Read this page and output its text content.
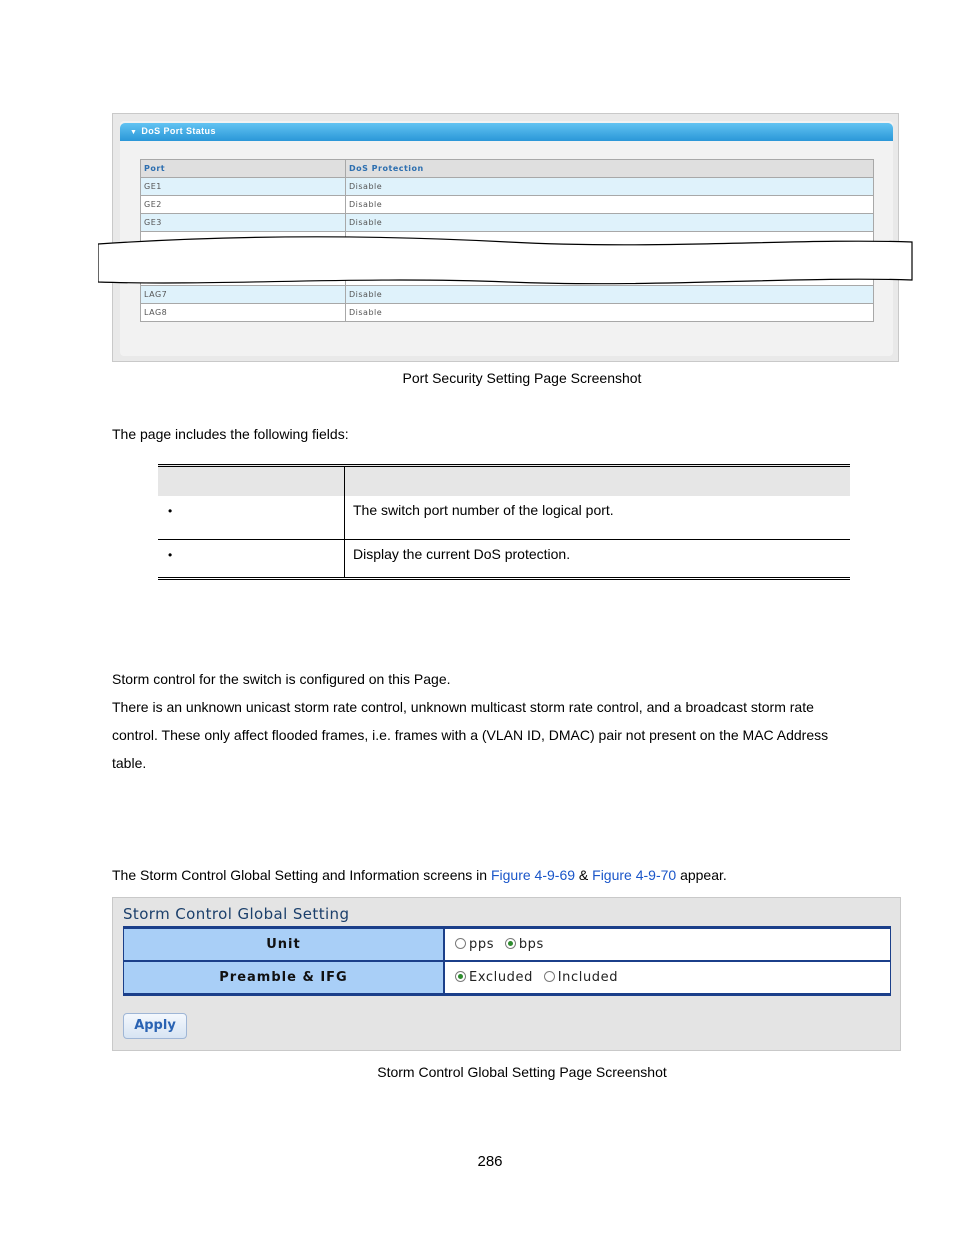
▼ DoS Port Status
Port	DoS Protection
GE1	Disable
GE2	Disable
GE3	Disable

LAG7	Disable
LAG8	Disable
Port Security Setting Page Screenshot
The page includes the following fields:
•	The switch port number of the logical port.
•	Display the current DoS protection.
Storm control for the switch is configured on this Page.
There is an unknown unicast storm rate control, unknown multicast storm rate control, and a broadcast storm rate
control. These only affect flooded frames, i.e. frames with a (VLAN ID, DMAC) pair not present on the MAC Address
table.
The Storm Control Global Setting and Information screens in Figure 4-9-69 & Figure 4-9-70 appear.
Storm Control Global Setting
Unit	pps bps
Preamble & IFG	Excluded Included
Apply
Storm Control Global Setting Page Screenshot
286
